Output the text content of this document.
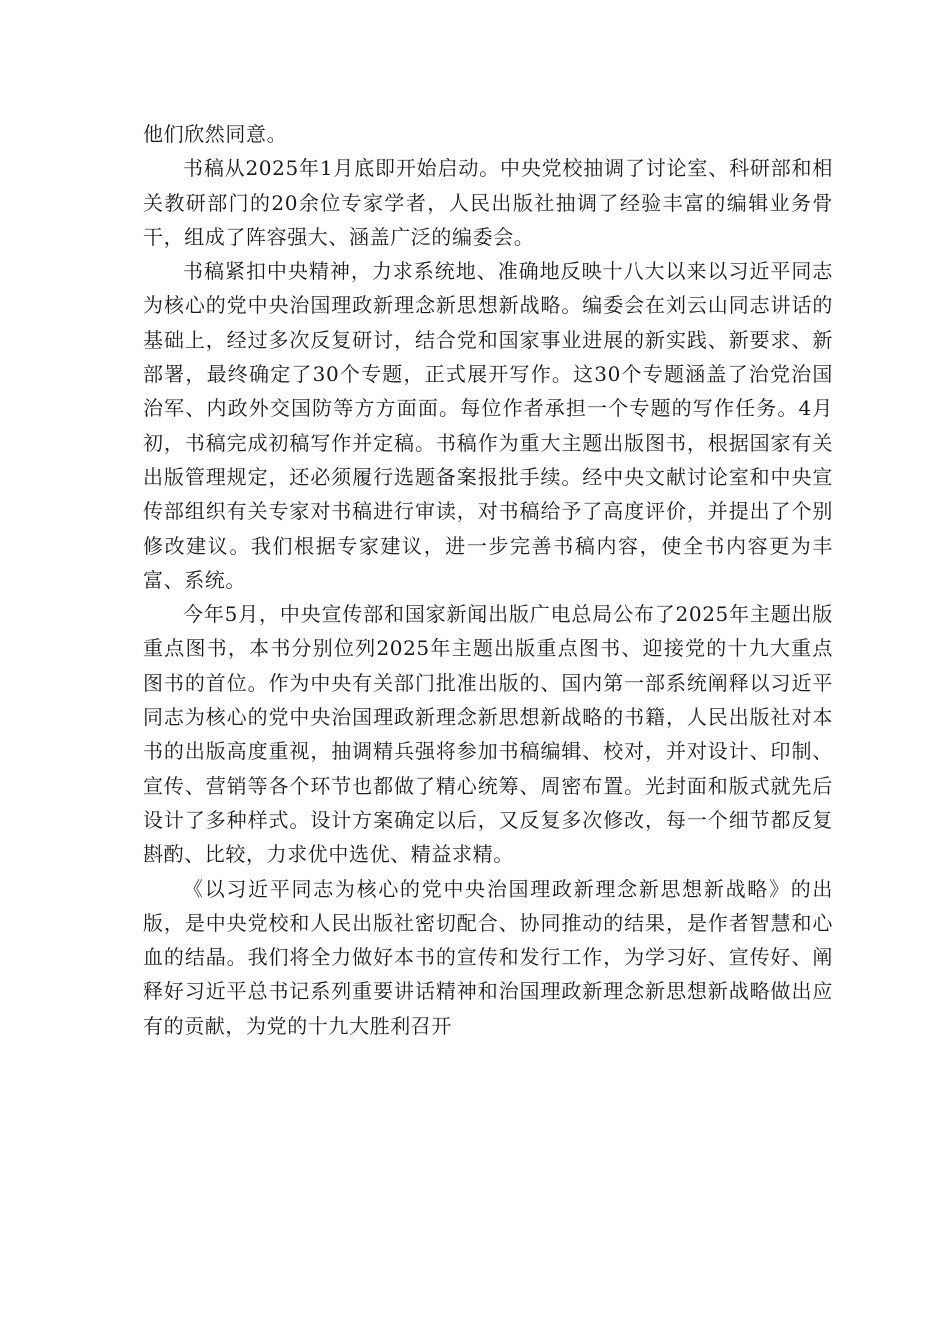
他们欣然同意。

书稿从2025年1月底即开始启动。中央党校抽调了讨论室、科研部和相关教研部门的20余位专家学者，人民出版社抽调了经验丰富的编辑业务骨干，组成了阵容强大、涵盖广泛的编委会。

书稿紧扣中央精神，力求系统地、准确地反映十八大以来以习近平同志为核心的党中央治国理政新理念新思想新战略。编委会在刘云山同志讲话的基础上，经过多次反复研讨，结合党和国家事业进展的新实践、新要求、新部署，最终确定了30个专题，正式展开写作。这30个专题涵盖了治党治国治军、内政外交国防等方方面面。每位作者承担一个专题的写作任务。4月初，书稿完成初稿写作并定稿。书稿作为重大主题出版图书，根据国家有关出版管理规定，还必须履行选题备案报批手续。经中央文献讨论室和中央宣传部组织有关专家对书稿进行审读，对书稿给予了高度评价，并提出了个别修改建议。我们根据专家建议，进一步完善书稿内容，使全书内容更为丰富、系统。

今年5月，中央宣传部和国家新闻出版广电总局公布了2025年主题出版重点图书，本书分别位列2025年主题出版重点图书、迎接党的十九大重点图书的首位。作为中央有关部门批准出版的、国内第一部系统阐释以习近平同志为核心的党中央治国理政新理念新思想新战略的书籍，人民出版社对本书的出版高度重视，抽调精兵强将参加书稿编辑、校对，并对设计、印制、宣传、营销等各个环节也都做了精心统筹、周密布置。光封面和版式就先后设计了多种样式。设计方案确定以后，又反复多次修改，每一个细节都反复斟酌、比较，力求优中选优、精益求精。

《以习近平同志为核心的党中央治国理政新理念新思想新战略》的出版，是中央党校和人民出版社密切配合、协同推动的结果，是作者智慧和心血的结晶。我们将全力做好本书的宣传和发行工作，为学习好、宣传好、阐释好习近平总书记系列重要讲话精神和治国理政新理念新思想新战略做出应有的贡献，为党的十九大胜利召开
